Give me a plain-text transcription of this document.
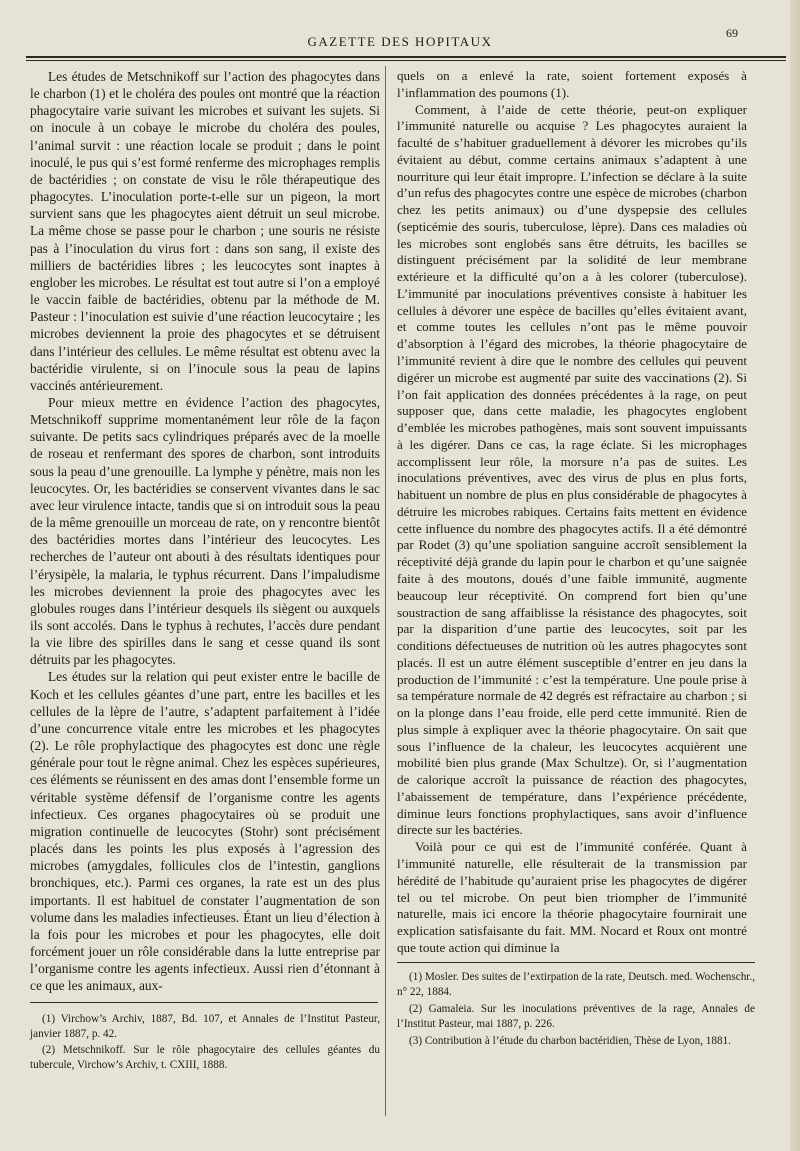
GAZETTE DES HOPITAUX
69

Les études de Metschnikoff sur l’action des phagocytes dans le charbon (1) et le choléra des poules ont montré que la réaction phagocytaire varie suivant les microbes et suivant les sujets. Si on inocule à un cobaye le microbe du choléra des poules, l’animal survit : une réaction locale se produit ; dans le point inoculé, le pus qui s’est formé renferme des microphages remplis de bactéridies ; on constate de visu le rôle thérapeutique des phagocytes. L’inoculation porte-t-elle sur un pigeon, la mort survient sans que les phagocytes aient détruit un seul microbe. La même chose se passe pour le charbon ; une souris ne résiste pas à l’inoculation du virus fort : dans son sang, il existe des milliers de bactéridies libres ; les leucocytes sont inaptes à englober les microbes. Le résultat est tout autre si l’on a employé le vaccin faible de bactéridies, obtenu par la méthode de M. Pasteur : l’inoculation est suivie d’une réaction leucocytaire ; les microbes deviennent la proie des phagocytes et se détruisent dans l’intérieur des cellules. Le même résultat est obtenu avec la bactéridie virulente, si on l’inocule sous la peau de lapins vaccinés antérieurement.

Pour mieux mettre en évidence l’action des phagocytes, Metschnikoff supprime momentanément leur rôle de la façon suivante. De petits sacs cylindriques préparés avec de la moelle de roseau et renfermant des spores de charbon, sont introduits sous la peau d’une grenouille. La lymphe y pénètre, mais non les leucocytes. Or, les bactéridies se conservent vivantes dans le sac avec leur virulence intacte, tandis que si on introduit sous la peau de la même grenouille un morceau de rate, on y rencontre bientôt des bactéridies mortes dans l’intérieur des leucocytes. Les recherches de l’auteur ont abouti à des résultats identiques pour l’érysipèle, la malaria, le typhus récurrent. Dans l’impaludisme les microbes deviennent la proie des phagocytes avec les globules rouges dans l’intérieur desquels ils siègent ou auxquels ils sont accolés. Dans le typhus à rechutes, l’accès dure pendant la vie libre des spirilles dans le sang et cesse quand ils sont détruits par les phagocytes.

Les études sur la relation qui peut exister entre le bacille de Koch et les cellules géantes d’une part, entre les bacilles et les cellules de la lèpre de l’autre, s’adaptent parfaitement à l’idée d’une concurrence vitale entre les microbes et les phagocytes (2). Le rôle prophylactique des phagocytes est donc une règle générale pour tout le règne animal. Chez les espèces supérieures, ces éléments se réunissent en des amas dont l’ensemble forme un véritable système défensif de l’organisme contre les agents infectieux. Ces organes phagocytaires où se produit une migration continuelle de leucocytes (Stohr) sont précisément placés dans les points les plus exposés à l’agression des microbes (amygdales, follicules clos de l’intestin, ganglions bronchiques, etc.). Parmi ces organes, la rate est un des plus importants. Il est habituel de constater l’augmentation de son volume dans les maladies infectieuses. Étant un lieu d’élection à la fois pour les microbes et pour les phagocytes, elle doit forcément jouer un rôle considérable dans la lutte entreprise par l’organisme contre les agents infectieux. Aussi rien d’étonnant à ce que les animaux, aux-

quels on a enlevé la rate, soient fortement exposés à l’inflammation des poumons (1).

Comment, à l’aide de cette théorie, peut-on expliquer l’immunité naturelle ou acquise ? Les phagocytes auraient la faculté de s’habituer graduellement à dévorer les microbes qu’ils évitaient au début, comme certains animaux s’adaptent à une nourriture qui leur était impropre. L’infection se déclare à la suite d’un refus des phagocytes contre une espèce de microbes (charbon chez les petits animaux) ou d’une dyspepsie des cellules (septicémie des souris, tuberculose, lèpre). Dans ces maladies où les microbes sont englobés sans être détruits, les bacilles se distinguent précisément par la solidité de leur membrane extérieure et la difficulté qu’on a à les colorer (tuberculose). L’immunité par inoculations préventives consiste à habituer les cellules à dévorer une espèce de bacilles qu’elles évitaient avant, et comme toutes les cellules n’ont pas le même pouvoir d’absorption à l’égard des microbes, la théorie phagocytaire de l’immunité revient à dire que le nombre des cellules qui peuvent digérer un microbe est augmenté par suite des vaccinations (2). Si l’on fait application des données précédentes à la rage, on peut supposer que, dans cette maladie, les phagocytes englobent d’emblée les microbes pathogènes, mais sont souvent impuissants à les digérer. Dans ce cas, la rage éclate. Si les microphages accomplissent leur rôle, la morsure n’a pas de suites. Les inoculations préventives, avec des virus de plus en plus forts, habituent un nombre de plus en plus considérable de phagocytes à détruire les microbes rabiques. Certains faits mettent en évidence cette influence du nombre des phagocytes actifs. Il a été démontré par Rodet (3) qu’une spoliation sanguine accroît sensiblement la réceptivité déjà grande du lapin pour le charbon et qu’une saignée faite à des moutons, doués d’une faible immunité, augmente beaucoup leur réceptivité. On comprend fort bien qu’une soustraction de sang affaiblisse la résistance des phagocytes, soit par la disparition d’une partie des leucocytes, soit par les conditions défectueuses de nutrition où les autres phagocytes sont placés. Il est un autre élément susceptible d’entrer en jeu dans la production de l’immunité : c’est la température. Une poule prise à sa température normale de 42 degrés est réfractaire au charbon ; si on la plonge dans l’eau froide, elle perd cette immunité. Rien de plus simple à expliquer avec la théorie phagocytaire. On sait que sous l’influence de la chaleur, les leucocytes acquièrent une mobilité bien plus grande (Max Schultze). Or, si l’augmentation de calorique accroît la puissance de réaction des phagocytes, l’abaissement de température, dans l’expérience précédente, diminue leurs fonctions prophylactiques, sans avoir d’influence directe sur les bactéries.

Voilà pour ce qui est de l’immunité conférée. Quant à l’immunité naturelle, elle résulterait de la transmission par hérédité de l’habitude qu’auraient prise les phagocytes de digérer tel ou tel microbe. On peut bien triompher de l’immunité naturelle, mais ici encore la théorie phagocytaire fournirait une explication satisfaisante du fait. MM. Nocard et Roux ont montré que toute action qui diminue la

(1) Virchow’s Archiv, 1887, Bd. 107, et Annales de l’Institut Pasteur, janvier 1887, p. 42.

(2) Metschnikoff. Sur le rôle phagocytaire des cellules géantes du tubercule, Virchow’s Archiv, t. CXIII, 1888.

(1) Mosler. Des suites de l’extirpation de la rate, Deutsch. med. Wochenschr., n° 22, 1884.

(2) Gamaleia. Sur les inoculations préventives de la rage, Annales de l’Institut Pasteur, mai 1887, p. 226.

(3) Contribution à l’étude du charbon bactéridien, Thèse de Lyon, 1881.
